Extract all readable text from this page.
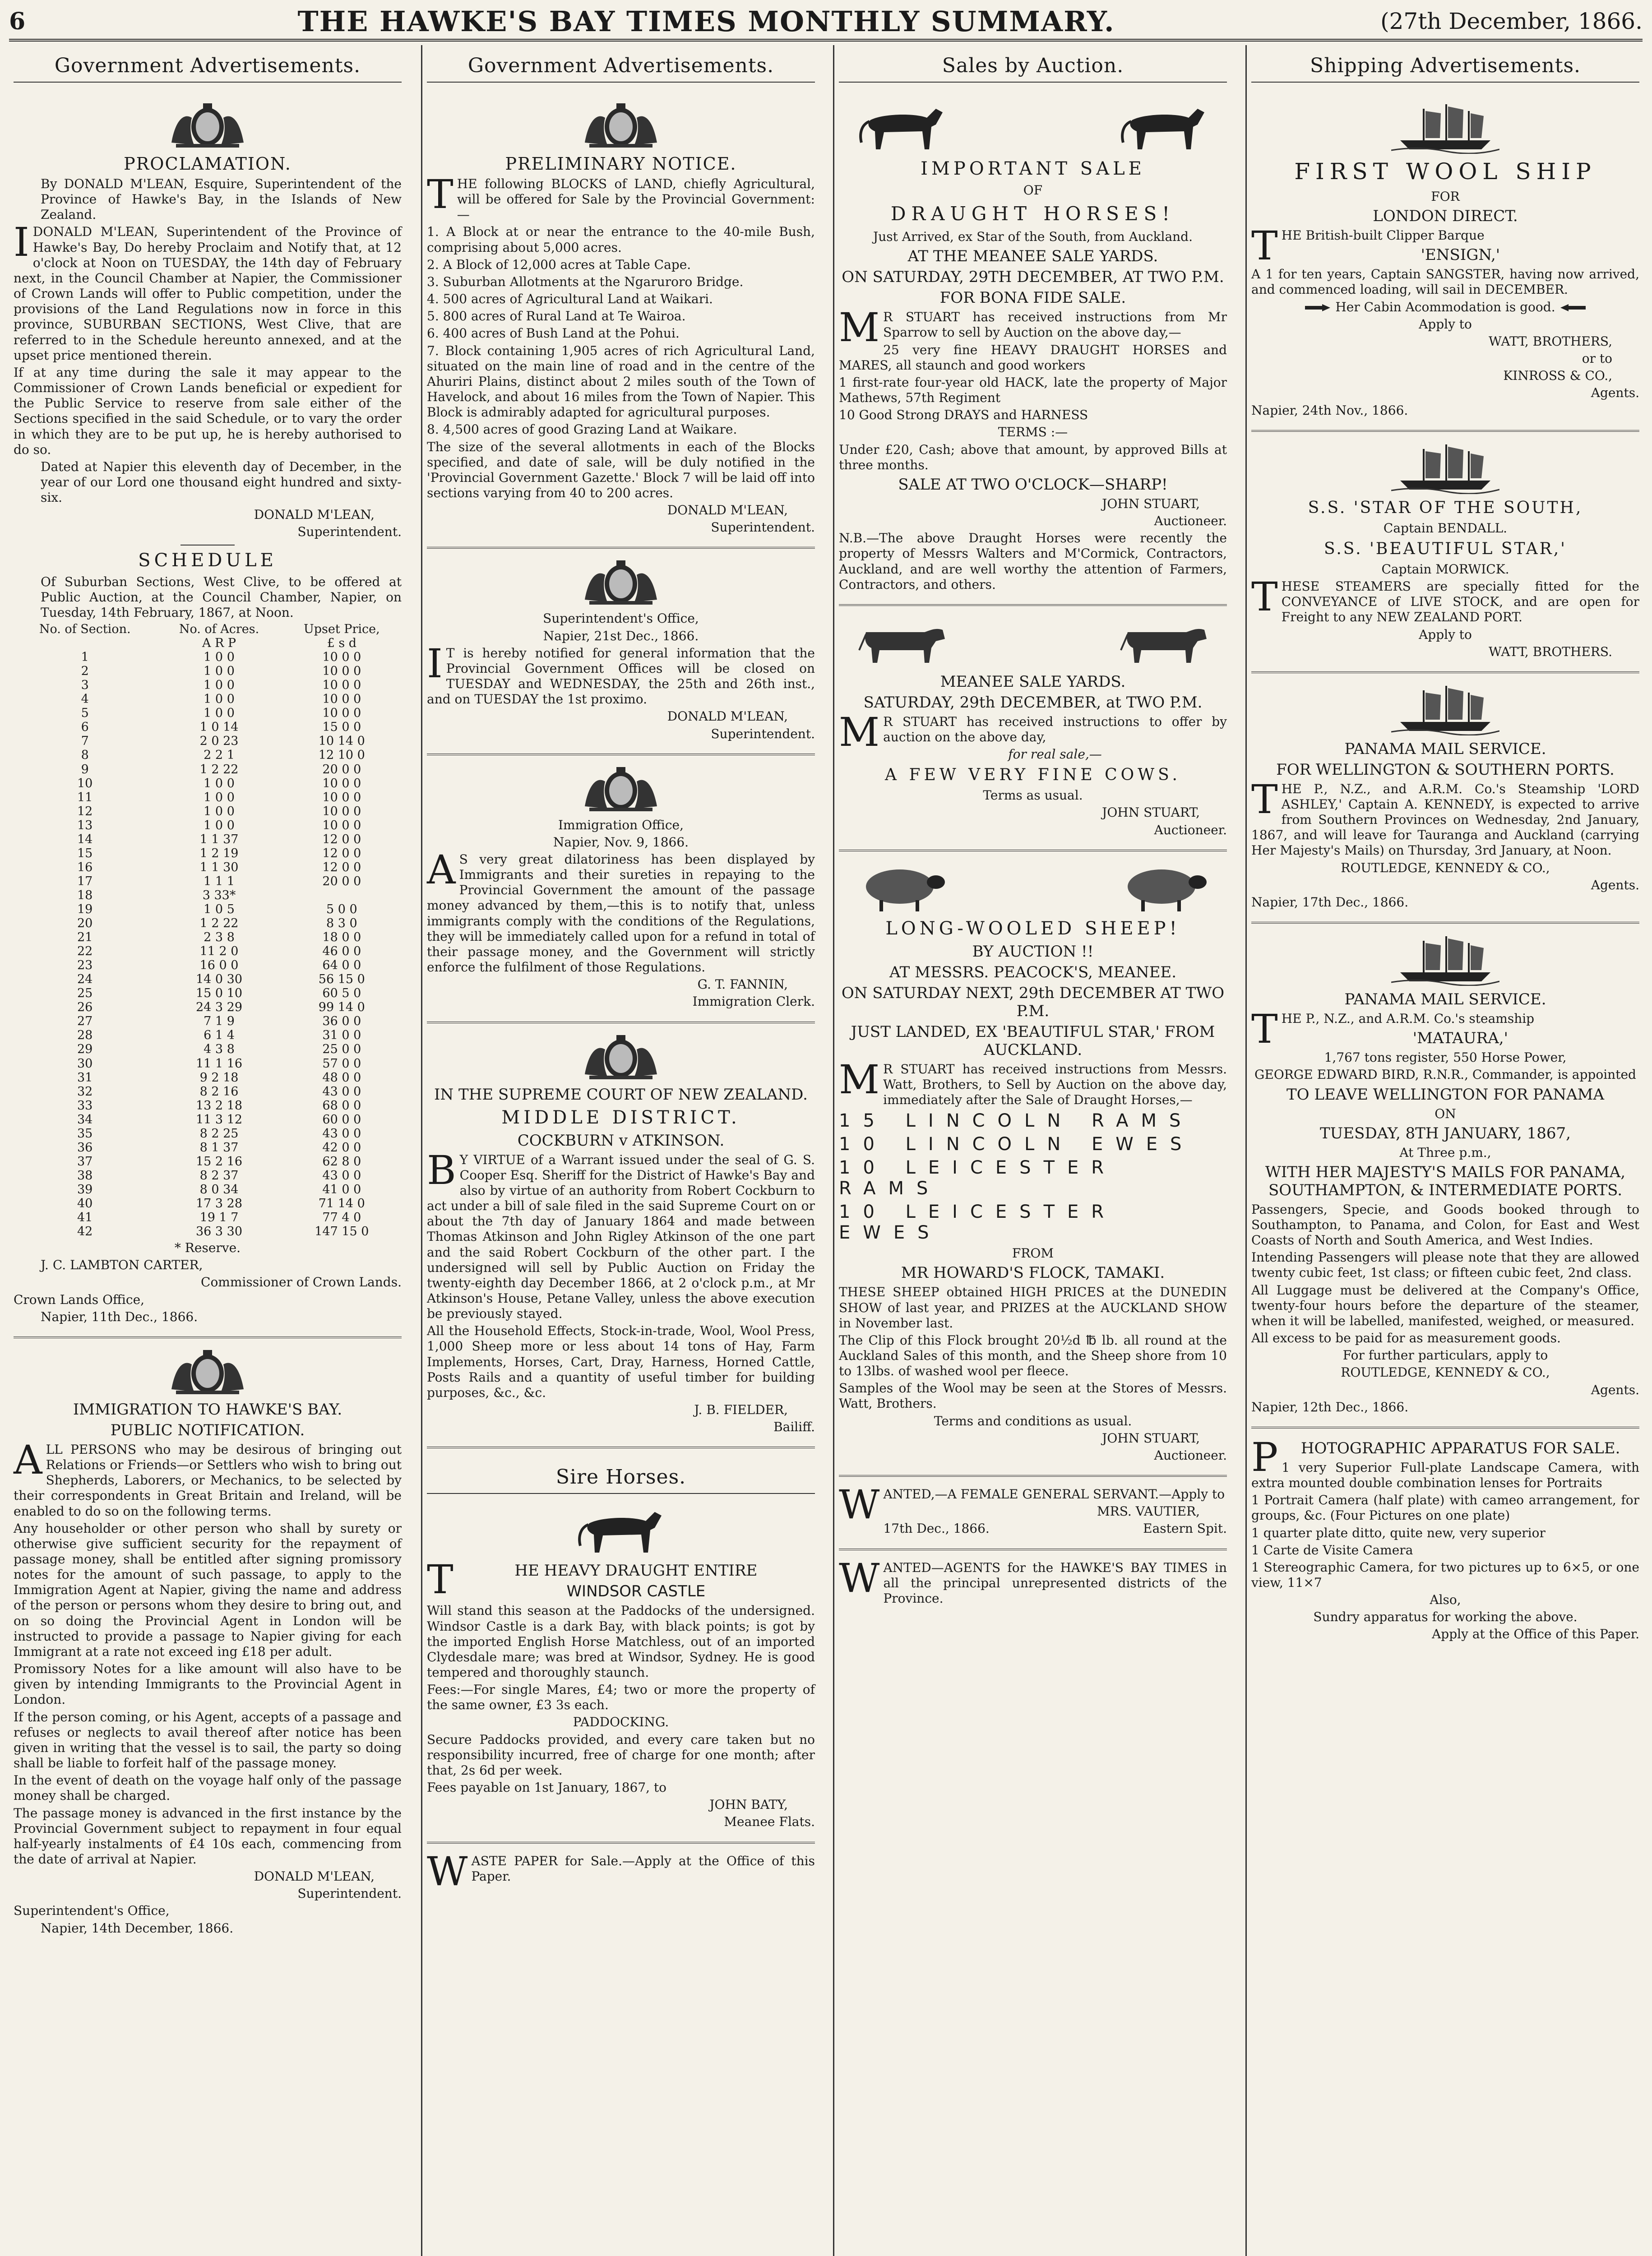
6	THE HAWKE'S BAY TIMES MONTHLY SUMMARY.	(27th December, 1866.
Government Advertisements.
PROCLAMATION.
By DONALD M'LEAN, Esquire, Superintendent of the Province of Hawke's Bay, in the Islands of New Zealand.
IDONALD M'LEAN, Superintendent of the Province of Hawke's Bay, Do hereby Proclaim and Notify that, at 12 o'clock at Noon on TUESDAY, the 14th day of February next, in the Council Chamber at Napier, the Commissioner of Crown Lands will offer to Public competition, under the provisions of the Land Regulations now in force in this province, SUBURBAN SECTIONS, West Clive, that are referred to in the Schedule hereunto annexed, and at the upset price mentioned therein.
If at any time during the sale it may appear to the Commissioner of Crown Lands beneficial or expedient for the Public Service to reserve from sale either of the Sections specified in the said Schedule, or to vary the order in which they are to be put up, he is hereby authorised to do so.
Dated at Napier this eleventh day of December, in the year of our Lord one thousand eight hundred and sixty-six.
DONALD M'LEAN,
Superintendent.
SCHEDULE
Of Suburban Sections, West Clive, to be offered at Public Auction, at the Council Chamber, Napier, on Tuesday, 14th February, 1867, at Noon.
No. of Section.	No. of Acres.	Upset Price,
	A R P	£ s d
1	1 0 0	10 0 0
2	1 0 0	10 0 0
3	1 0 0	10 0 0
4	1 0 0	10 0 0
5	1 0 0	10 0 0
6	1 0 14	15 0 0
7	2 0 23	10 14 0
8	2 2 1	12 10 0
9	1 2 22	20 0 0
10	1 0 0	10 0 0
11	1 0 0	10 0 0
12	1 0 0	10 0 0
13	1 0 0	10 0 0
14	1 1 37	12 0 0
15	1 2 19	12 0 0
16	1 1 30	12 0 0
17	1 1 1	20 0 0
18	3 33*	
19	1 0 5	5 0 0
20	1 2 22	8 3 0
21	2 3 8	18 0 0
22	11 2 0	46 0 0
23	16 0 0	64 0 0
24	14 0 30	56 15 0
25	15 0 10	60 5 0
26	24 3 29	99 14 0
27	7 1 9	36 0 0
28	6 1 4	31 0 0
29	4 3 8	25 0 0
30	11 1 16	57 0 0
31	9 2 18	48 0 0
32	8 2 16	43 0 0
33	13 2 18	68 0 0
34	11 3 12	60 0 0
35	8 2 25	43 0 0
36	8 1 37	42 0 0
37	15 2 16	62 8 0
38	8 2 37	43 0 0
39	8 0 34	41 0 0
40	17 3 28	71 14 0
41	19 1 7	77 4 0
42	36 3 30	147 15 0
* Reserve.
J. C. LAMBTON CARTER,
Commissioner of Crown Lands.
Crown Lands Office,
Napier, 11th Dec., 1866.
IMMIGRATION TO HAWKE'S BAY.
PUBLIC NOTIFICATION.
ALL PERSONS who may be desirous of bringing out Relations or Friends—or Settlers who wish to bring out Shepherds, Laborers, or Mechanics, to be selected by their correspondents in Great Britain and Ireland, will be enabled to do so on the following terms.
Any householder or other person who shall by surety or otherwise give sufficient security for the repayment of passage money, shall be entitled after signing promissory notes for the amount of such passage, to apply to the Immigration Agent at Napier, giving the name and address of the person or persons whom they desire to bring out, and on so doing the Provincial Agent in London will be instructed to provide a passage to Napier giving for each Immigrant at a rate not exceed ing £18 per adult.
Promissory Notes for a like amount will also have to be given by intending Immigrants to the Provincial Agent in London.
If the person coming, or his Agent, accepts of a passage and refuses or neglects to avail thereof after notice has been given in writing that the vessel is to sail, the party so doing shall be liable to forfeit half of the passage money.
In the event of death on the voyage half only of the passage money shall be charged.
The passage money is advanced in the first instance by the Provincial Government subject to repayment in four equal half-yearly instalments of £4 10s each, commencing from the date of arrival at Napier.
DONALD M'LEAN,
Superintendent.
Superintendent's Office,
Napier, 14th December, 1866.
Government Advertisements.
PRELIMINARY NOTICE.
THE following BLOCKS of LAND, chiefly Agricultural, will be offered for Sale by the Provincial Government:—
1. A Block at or near the entrance to the 40-mile Bush, comprising about 5,000 acres.
2. A Block of 12,000 acres at Table Cape.
3. Suburban Allotments at the Ngaruroro Bridge.
4. 500 acres of Agricultural Land at Waikari.
5. 800 acres of Rural Land at Te Wairoa.
6. 400 acres of Bush Land at the Pohui.
7. Block containing 1,905 acres of rich Agricultural Land, situated on the main line of road and in the centre of the Ahuriri Plains, distinct about 2 miles south of the Town of Havelock, and about 16 miles from the Town of Napier. This Block is admirably adapted for agricultural purposes.
8. 4,500 acres of good Grazing Land at Waikare.
The size of the several allotments in each of the Blocks specified, and date of sale, will be duly notified in the 'Provincial Government Gazette.' Block 7 will be laid off into sections varying from 40 to 200 acres.
DONALD M'LEAN,
Superintendent.
Superintendent's Office,
Napier, 21st Dec., 1866.
IT is hereby notified for general information that the Provincial Government Offices will be closed on TUESDAY and WEDNESDAY, the 25th and 26th inst., and on TUESDAY the 1st proximo.
DONALD M'LEAN,
Superintendent.
Immigration Office,
Napier, Nov. 9, 1866.
AS very great dilatoriness has been displayed by Immigrants and their sureties in repaying to the Provincial Government the amount of the passage money advanced by them,—this is to notify that, unless immigrants comply with the conditions of the Regulations, they will be immediately called upon for a refund in total of their passage money, and the Government will strictly enforce the fulfilment of those Regulations.
G. T. FANNIN,
Immigration Clerk.
IN THE SUPREME COURT OF NEW ZEALAND.
MIDDLE DISTRICT.
COCKBURN v ATKINSON.
BY VIRTUE of a Warrant issued under the seal of G. S. Cooper Esq. Sheriff for the District of Hawke's Bay and also by virtue of an authority from Robert Cockburn to act under a bill of sale filed in the said Supreme Court on or about the 7th day of January 1864 and made between Thomas Atkinson and John Rigley Atkinson of the one part and the said Robert Cockburn of the other part. I the undersigned will sell by Public Auction on Friday the twenty-eighth day December 1866, at 2 o'clock p.m., at Mr Atkinson's House, Petane Valley, unless the above execution be previously stayed.
All the Household Effects, Stock-in-trade, Wool, Wool Press, 1,000 Sheep more or less about 14 tons of Hay, Farm Implements, Horses, Cart, Dray, Harness, Horned Cattle, Posts Rails and a quantity of useful timber for building purposes, &c., &c.
J. B. FIELDER,
Bailiff.
Sire Horses.
THE HEAVY DRAUGHT ENTIRE
WINDSOR CASTLE
Will stand this season at the Paddocks of the undersigned. Windsor Castle is a dark Bay, with black points; is got by the imported English Horse Matchless, out of an imported Clydesdale mare; was bred at Windsor, Sydney. He is good tempered and thoroughly staunch.
Fees:—For single Mares, £4; two or more the property of the same owner, £3 3s each.
PADDOCKING.
Secure Paddocks provided, and every care taken but no responsibility incurred, free of charge for one month; after that, 2s 6d per week.
Fees payable on 1st January, 1867, to
JOHN BATY,
Meanee Flats.
WASTE PAPER for Sale.—Apply at the Office of this Paper.
Sales by Auction.
IMPORTANT SALE
OF
DRAUGHT HORSES!
Just Arrived, ex Star of the South, from Auckland.
AT THE MEANEE SALE YARDS.
ON SATURDAY, 29TH DECEMBER, AT TWO P.M.
FOR BONA FIDE SALE.
MR STUART has received instructions from Mr Sparrow to sell by Auction on the above day,—
25 very fine HEAVY DRAUGHT HORSES and MARES, all staunch and good workers
1 first-rate four-year old HACK, late the property of Major Mathews, 57th Regiment
10 Good Strong DRAYS and HARNESS
TERMS :—
Under £20, Cash; above that amount, by approved Bills at three months.
SALE AT TWO O'CLOCK—SHARP!
JOHN STUART,
Auctioneer.
N.B.—The above Draught Horses were recently the property of Messrs Walters and M'Cormick, Contractors, Auckland, and are well worthy the attention of Farmers, Contractors, and others.
MEANEE SALE YARDS.
SATURDAY, 29th DECEMBER, at TWO P.M.
MR STUART has received instructions to offer by auction on the above day,
for real sale,—
A FEW VERY FINE COWS.
Terms as usual.
JOHN STUART,
Auctioneer.
LONG-WOOLED SHEEP!
BY AUCTION !!
AT MESSRS. PEACOCK'S, MEANEE.
ON SATURDAY NEXT, 29th DECEMBER AT TWO P.M.
JUST LANDED, EX 'BEAUTIFUL STAR,' FROM AUCKLAND.
MR STUART has received instructions from Messrs. Watt, Brothers, to Sell by Auction on the above day, immediately after the Sale of Draught Horses,—
15 LINCOLN RAMS
10 LINCOLN EWES
10 LEICESTER RAMS
10 LEICESTER EWES
FROM
MR HOWARD'S FLOCK, TAMAKI.
THESE SHEEP obtained HIGH PRICES at the DUNEDIN SHOW of last year, and PRIZES at the AUCKLAND SHOW in November last.
The Clip of this Flock brought 20½d ℔ lb. all round at the Auckland Sales of this month, and the Sheep shore from 10 to 13lbs. of washed wool per fleece.
Samples of the Wool may be seen at the Stores of Messrs. Watt, Brothers.
Terms and conditions as usual.
JOHN STUART,
Auctioneer.
WANTED,—A FEMALE GENERAL SERVANT.—Apply to
MRS. VAUTIER,
17th Dec., 1866.	Eastern Spit.
WANTED—AGENTS for the HAWKE'S BAY TIMES in all the principal unrepresented districts of the Province.
Shipping Advertisements.
FIRST WOOL SHIP
FOR
LONDON DIRECT.
THE British-built Clipper Barque
'ENSIGN,'
A 1 for ten years, Captain SANGSTER, having now arrived, and commenced loading, will sail in DECEMBER.
Her Cabin Acommodation is good.
Apply to
WATT, BROTHERS,
or to
KINROSS & CO.,
Agents.
Napier, 24th Nov., 1866.
S.S. 'STAR OF THE SOUTH,
Captain BENDALL.
S.S. 'BEAUTIFUL STAR,'
Captain MORWICK.
THESE STEAMERS are specially fitted for the CONVEYANCE of LIVE STOCK, and are open for Freight to any NEW ZEALAND PORT.
Apply to
WATT, BROTHERS.
PANAMA MAIL SERVICE.
FOR WELLINGTON & SOUTHERN PORTS.
THE P., N.Z., and A.R.M. Co.'s Steamship 'LORD ASHLEY,' Captain A. KENNEDY, is expected to arrive from Southern Provinces on Wednesday, 2nd January, 1867, and will leave for Tauranga and Auckland (carrying Her Majesty's Mails) on Thursday, 3rd January, at Noon.
ROUTLEDGE, KENNEDY & CO.,
Agents.
Napier, 17th Dec., 1866.
PANAMA MAIL SERVICE.
THE P., N.Z., and A.R.M. Co.'s steamship
'MATAURA,'
1,767 tons register, 550 Horse Power,
GEORGE EDWARD BIRD, R.N.R., Commander, is appointed
TO LEAVE WELLINGTON FOR PANAMA
ON
TUESDAY, 8TH JANUARY, 1867,
At Three p.m.,
WITH HER MAJESTY'S MAILS FOR PANAMA, SOUTHAMPTON, & INTERMEDIATE PORTS.
Passengers, Specie, and Goods booked through to Southampton, to Panama, and Colon, for East and West Coasts of North and South America, and West Indies.
Intending Passengers will please note that they are allowed twenty cubic feet, 1st class; or fifteen cubic feet, 2nd class.
All Luggage must be delivered at the Company's Office, twenty-four hours before the departure of the steamer, when it will be labelled, manifested, weighed, or measured.
All excess to be paid for as measurement goods.
For further particulars, apply to
ROUTLEDGE, KENNEDY & CO.,
Agents.
Napier, 12th Dec., 1866.
PHOTOGRAPHIC APPARATUS FOR SALE.
1 very Superior Full-plate Landscape Camera, with extra mounted double combination lenses for Portraits
1 Portrait Camera (half plate) with cameo arrangement, for groups, &c. (Four Pictures on one plate)
1 quarter plate ditto, quite new, very superior
1 Carte de Visite Camera
1 Stereographic Camera, for two pictures up to 6×5, or one view, 11×7
Also,
Sundry apparatus for working the above.
Apply at the Office of this Paper.
